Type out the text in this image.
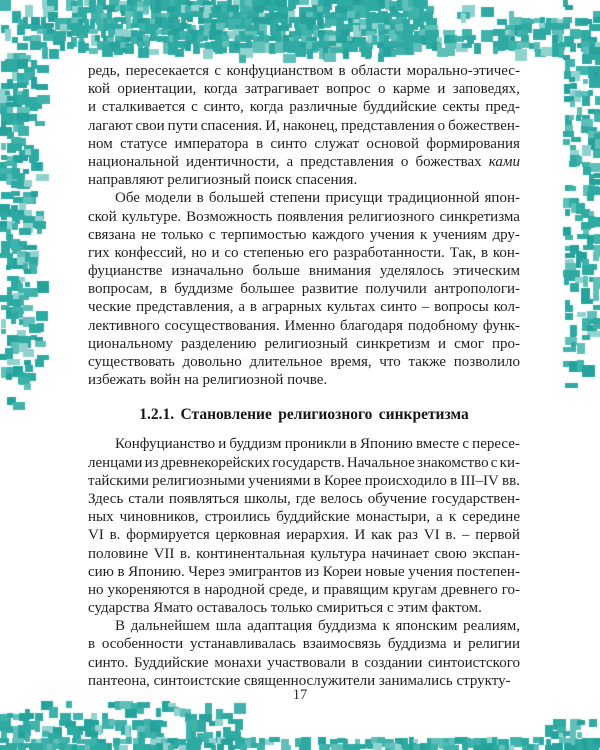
редь, пересекается с конфуцианством в области морально-этичес-
кой ориентации, когда затрагивает вопрос о карме и заповедях,
и сталкивается с синто, когда различные буддийские секты пред-
лагают свои пути спасения. И, наконец, представления о божествен-
ном статусе императора в синто служат основой формирования
национальной идентичности, а представления о божествах ками
направляют религиозный поиск спасения.
Обе модели в большей степени присущи традиционной япон-
ской культуре. Возможность появления религиозного синкретизма
связана не только с терпимостью каждого учения к учениям дру-
гих конфессий, но и со степенью его разработанности. Так, в кон-
фуцианстве изначально больше внимания уделялось этическим
вопросам, в буддизме большее развитие получили антропологи-
ческие представления, а в аграрных культах синто – вопросы кол-
лективного сосуществования. Именно благодаря подобному функ-
циональному разделению религиозный синкретизм и смог про-
существовать довольно длительное время, что также позволило
избежать войн на религиозной почве.
1.2.1. Становление религиозного синкретизма
Конфуцианство и буддизм проникли в Японию вместе с пересе-
ленцами из древнекорейских государств. Начальное знакомство с ки-
тайскими религиозными учениями в Корее происходило в III–IV вв.
Здесь стали появляться школы, где велось обучение государствен-
ных чиновников, строились буддийские монастыри, а к середине
VI в. формируется церковная иерархия. И как раз VI в. – первой
половине VII в. континентальная культура начинает свою экспан-
сию в Японию. Через эмигрантов из Кореи новые учения постепен-
но укореняются в народной среде, и правящим кругам древнего го-
сударства Ямато оставалось только смириться с этим фактом.
В дальнейшем шла адаптация буддизма к японским реалиям,
в особенности устанавливалась взаимосвязь буддизма и религии
синто. Буддийские монахи участвовали в создании синтоистского
пантеона, синтоистские священнослужители занимались структу-
17
